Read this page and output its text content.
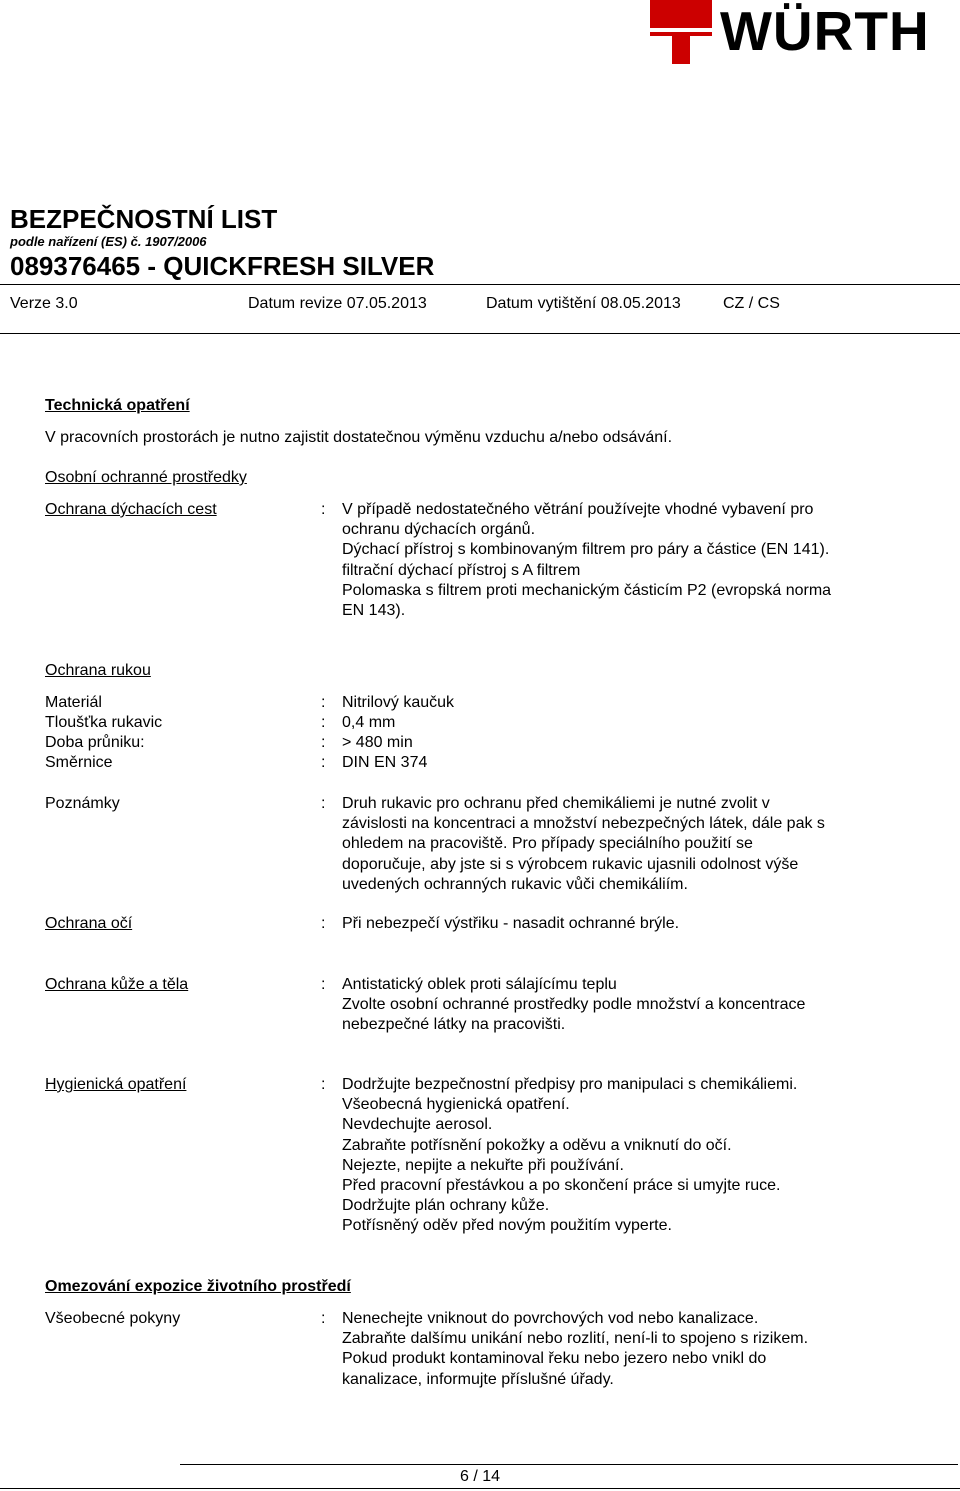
WÜRTH
BEZPEČNOSTNÍ LIST
podle nařízení (ES) č. 1907/2006
089376465 - QUICKFRESH SILVER
Verze 3.0	Datum revize 07.05.2013	Datum vytištění 08.05.2013	CZ / CS
Technická opatření
V pracovních prostorách je nutno zajistit dostatečnou výměnu vzduchu a/nebo odsávání.
Osobní ochranné prostředky
Ochrana dýchacích cest	: V případě nedostatečného větrání používejte vhodné vybavení pro
ochranu dýchacích orgánů.
Dýchací přístroj s kombinovaným filtrem pro páry a částice (EN 141).
filtrační dýchací přístroj s A filtrem
Polomaska s filtrem proti mechanickým částicím P2 (evropská norma
EN 143).
Ochrana rukou
Materiál	: Nitrilový kaučuk
Tloušťka rukavic	: 0,4 mm
Doba průniku:	: > 480 min
Směrnice	: DIN EN 374
Poznámky	: Druh rukavic pro ochranu před chemikáliemi je nutné zvolit v
závislosti na koncentraci a množství nebezpečných látek, dále pak s
ohledem na pracoviště. Pro případy speciálního použití se
doporučuje, aby jste si s výrobcem rukavic ujasnili odolnost výše
uvedených ochranných rukavic vůči chemikáliím.
Ochrana očí	: Při nebezpečí výstřiku - nasadit ochranné brýle.
Ochrana kůže a těla	: Antistatický oblek proti sálajícímu teplu
Zvolte osobní ochranné prostředky podle množství a koncentrace
nebezpečné látky na pracovišti.
Hygienická opatření	: Dodržujte bezpečnostní předpisy pro manipulaci s chemikáliemi.
Všeobecná hygienická opatření.
Nevdechujte aerosol.
Zabraňte potřísnění pokožky a oděvu a vniknutí do očí.
Nejezte, nepijte a nekuřte při používání.
Před pracovní přestávkou a po skončení práce si umyjte ruce.
Dodržujte plán ochrany kůže.
Potřísněný oděv před novým použitím vyperte.
Omezování expozice životního prostředí
Všeobecné pokyny	: Nenechejte vniknout do povrchových vod nebo kanalizace.
Zabraňte dalšímu unikání nebo rozlití, není-li to spojeno s rizikem.
Pokud produkt kontaminoval řeku nebo jezero nebo vnikl do
kanalizace, informujte příslušné úřady.
6 / 14
